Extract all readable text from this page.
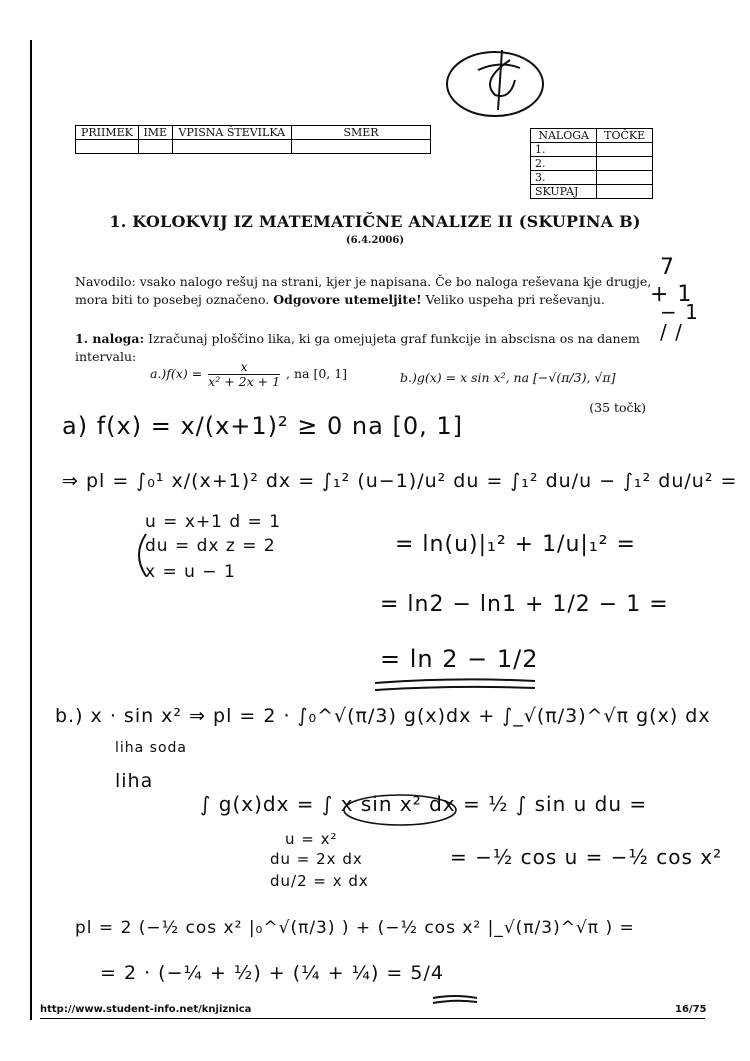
PRIIMEK	IME	VPISNA ŠTEVILKA	SMER
				NALOGA	TOČKE
1.	
2.	
3.	
SKUPAJ	
1. KOLOKVIJ IZ MATEMATIČNE ANALIZE II (SKUPINA B)
(6.4.2006)
Navodilo: vsako nalogo rešuj na strani, kjer je napisana. Če bo naloga reševana kje drugje, mora biti to posebej označeno. Odgovore utemeljite! Veliko uspeha pri reševanju.
1. naloga: Izračunaj ploščino lika, ki ga omejujeta graf funkcije in abscisna os na danem intervalu:
$a.)f(x) = \frac{x}{\text{x² + 2x + 1}}$ , na [0, 1]	b.)g(x) = x sin x², na [−√(π/3), √π]
(35 točk)
7
+ 1
− 1
/ /
a) f(x) = x/(x+1)² ≥ 0 na [0, 1]
⇒ pl = ∫₀¹ x/(x+1)² dx = ∫₁² (u−1)/u² du = ∫₁² du/u − ∫₁² du/u² =
u = x+1 d = 1
du = dx z = 2
x = u − 1
= ln(u)|₁² + 1/u|₁² =
= ln2 − ln1 + 1/2 − 1 =
= ln 2 − 1/2
b.) x · sin x² ⇒ pl = 2 · ∫₀^√(π/3) g(x)dx + ∫_√(π/3)^√π g(x) dx
liha soda
liha
∫ g(x)dx = ∫ x sin x² dx = ½ ∫ sin u du =
u = x²
du = 2x dx
du/2 = x dx
= −½ cos u = −½ cos x²
pl = 2 (−½ cos x² |₀^√(π/3) ) + (−½ cos x² |_√(π/3)^√π ) =
= 2 · (−¼ + ½) + (¼ + ¼) = 5/4
http://www.student-info.net/knjiznica	16/75
